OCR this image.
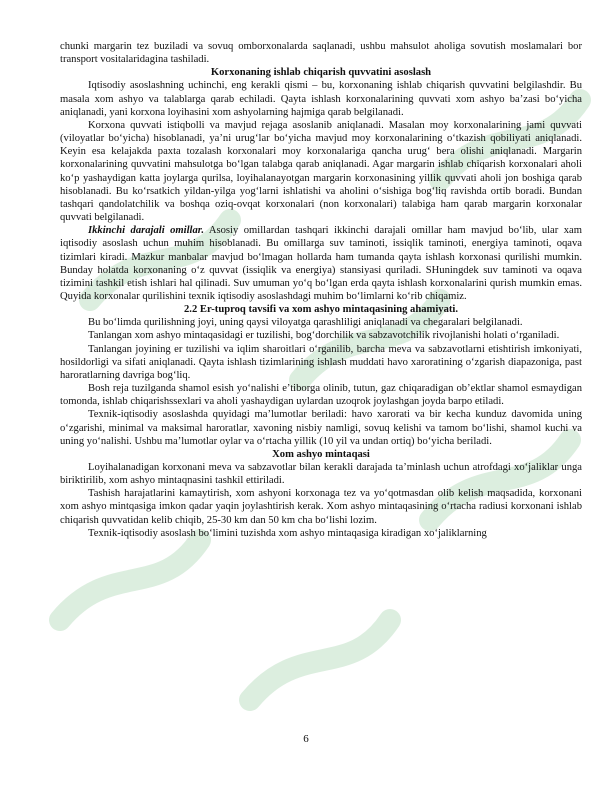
chunki margarin tez buziladi va sovuq omborxonalarda saqlanadi, ushbu mahsulot aholiga sovutish moslamalari bor transport vositalaridagina tashiladi.

Korxonaning ishlab chiqarish quvvatini asoslash

Iqtisodiy asoslashning uchinchi, eng kerakli qismi – bu, korxonaning ishlab chiqarish quvvatini belgilashdir. Bu masala xom ashyo va talablarga qarab echiladi. Qayta ishlash korxonalarining quvvati xom ashyo ba’zasi bo‘yicha aniqlanadi, yani korxona loyihasini xom ashyolarning hajmiga qarab belgilanadi.

Korxona quvvati istiqbolli va mavjud rejaga asoslanib aniqlanadi. Masalan moy korxonalarining jami quvvati (viloyatlar bo‘yicha) hisoblanadi, ya’ni urug‘lar bo‘yicha mavjud moy korxonalarining o‘tkazish qobiliyati aniqlanadi. Keyin esa kelajakda paxta tozalash korxonalari moy korxonalariga qancha urug‘ bera olishi aniqlanadi. Margarin korxonalarining quvvatini mahsulotga bo‘lgan talabga qarab aniqlanadi. Agar margarin ishlab chiqarish korxonalari aholi ko‘p yashaydigan katta joylarga qurilsa, loyihalanayotgan margarin korxonasining yillik quvvati aholi jon boshiga qarab hisoblanadi. Bu ko‘rsatkich yildan-yilga yog‘larni ishlatishi va aholini o‘sishiga bog‘liq ravishda ortib boradi. Bundan tashqari qandolatchilik va boshqa oziq-ovqat korxonalari (non korxonalari) talabiga ham qarab margarin korxonalar quvvati belgilanadi.

Ikkinchi darajali omillar. Asosiy omillardan tashqari ikkinchi darajali omillar ham mavjud bo‘lib, ular xam iqtisodiy asoslash uchun muhim hisoblanadi. Bu omillarga suv taminoti, issiqlik taminoti, energiya taminoti, oqava tizimlari kiradi. Mazkur manbalar mavjud bo‘lmagan hollarda ham tumanda qayta ishlash korxonasi qurilishi mumkin. Bunday holatda korxonaning o‘z quvvat (issiqlik va energiya) stansiyasi quriladi. SHuningdek suv taminoti va oqava tizimini tashkil etish ishlari hal qilinadi. Suv umuman yo‘q bo‘lgan erda qayta ishlash korxonalarini qurish mumkin emas. Quyida korxonalar qurilishini texnik iqtisodiy asoslashdagi muhim bo‘limlarni ko‘rib chiqamiz.

2.2 Er-tuproq tavsifi va xom ashyo mintaqasining ahamiyati.

Bu bo‘limda qurilishning joyi, uning qaysi viloyatga qarashliligi aniqlanadi va chegaralari belgilanadi.

Tanlangan xom ashyo mintaqasidagi er tuzilishi, bog‘dorchilik va sabzavotchilik rivojlanishi holati o‘rganiladi.

Tanlangan joyining er tuzilishi va iqlim sharoitlari o‘rganilib, barcha meva va sabzavotlarni etishtirish imkoniyati, hosildorligi va sifati aniqlanadi. Qayta ishlash tizimlarining ishlash muddati havo xaroratining o‘zgarish diapazoniga, past haroratlarning davriga bog‘liq.

Bosh reja tuzilganda shamol esish yo‘nalishi e’tiborga olinib, tutun, gaz chiqaradigan ob’ektlar shamol esmaydigan tomonda, ishlab chiqarishssexlari va aholi yashaydigan uylardan uzoqrok joylashgan joyda barpo etiladi.

Texnik-iqtisodiy asoslashda quyidagi ma’lumotlar beriladi: havo xarorati va bir kecha kunduz davomida uning o‘zgarishi, minimal va maksimal haroratlar, xavoning nisbiy namligi, sovuq kelishi va tamom bo‘lishi, shamol kuchi va uning yo‘nalishi. Ushbu ma’lumotlar oylar va o‘rtacha yillik (10 yil va undan ortiq) bo‘yicha beriladi.

Xom ashyo mintaqasi

Loyihalanadigan korxonani meva va sabzavotlar bilan kerakli darajada ta’minlash uchun atrofdagi xo‘jaliklar unga biriktirilib, xom ashyo mintaqnasini tashkil ettiriladi.

Tashish harajatlarini kamaytirish, xom ashyoni korxonaga tez va yo‘qotmasdan olib kelish maqsadida, korxonani xom ashyo mintqasiga imkon qadar yaqin joylashtirish kerak. Xom ashyo mintaqasining o‘rtacha radiusi korxonani ishlab chiqarish quvvatidan kelib chiqib, 25-30 km dan 50 km cha bo‘lishi lozim.

Texnik-iqtisodiy asoslash bo‘limini tuzishda xom ashyo mintaqasiga kiradigan xo‘jaliklarning

6
